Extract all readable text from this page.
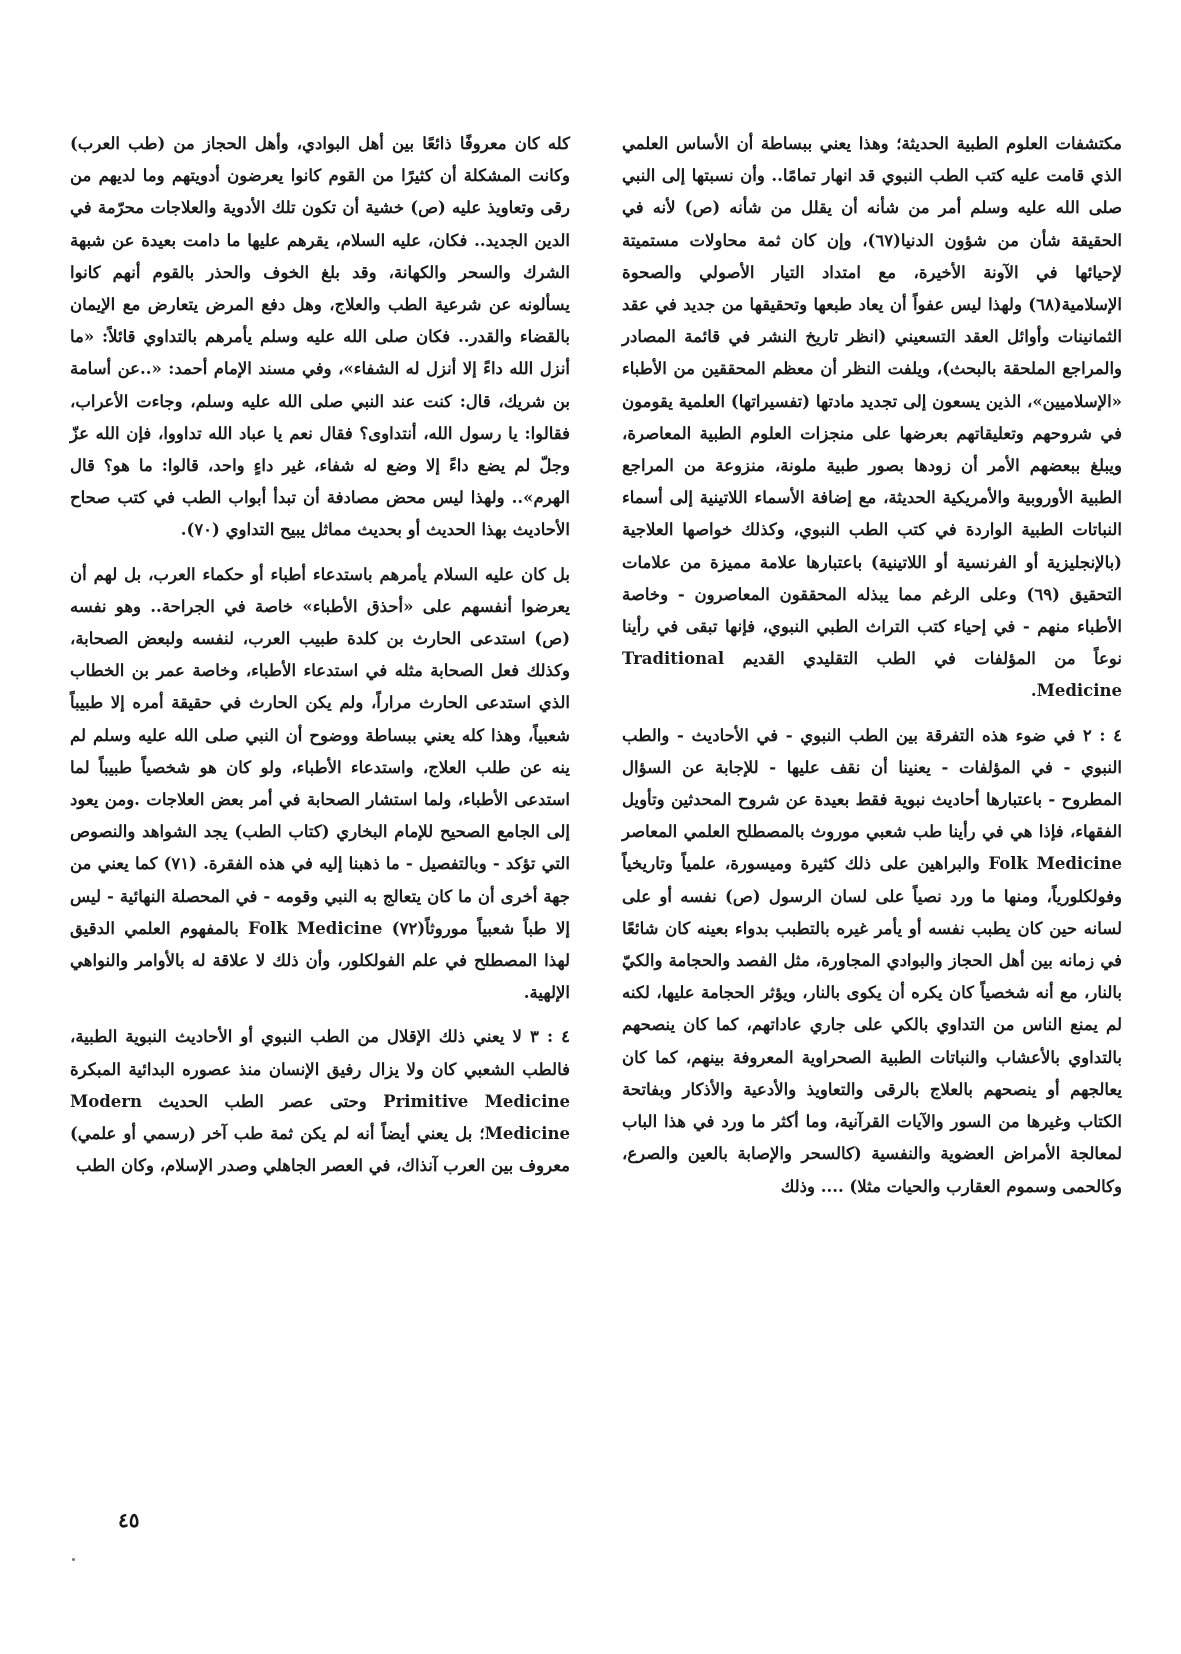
مكتشفات العلوم الطبية الحديثة؛ وهذا يعني ببساطة أن الأساس العلمي الذي قامت عليه كتب الطب النبوي قد انهار تمامًا.. وأن نسبتها إلى النبي صلى الله عليه وسلم أمر من شأنه أن يقلل من شأنه (ص) لأنه في الحقيقة شأن من شؤون الدنيا(٦٧)، وإن كان ثمة محاولات مستميتة لإحيائها في الآونة الأخيرة، مع امتداد التيار الأصولي والصحوة الإسلامية(٦٨) ولهذا ليس عفواً أن يعاد طبعها وتحقيقها من جديد في عقد الثمانينات وأوائل العقد التسعيني (انظر تاريخ النشر في قائمة المصادر والمراجع الملحقة بالبحث)، ويلفت النظر أن معظم المحققين من الأطباء «الإسلاميين»، الذين يسعون إلى تجديد مادتها (تفسيراتها) العلمية يقومون في شروحهم وتعليقاتهم بعرضها على منجزات العلوم الطبية المعاصرة، ويبلغ ببعضهم الأمر أن زودها بصور طبية ملونة، منزوعة من المراجع الطبية الأوروبية والأمريكية الحديثة، مع إضافة الأسماء اللاتينية إلى أسماء النباتات الطبية الواردة في كتب الطب النبوي، وكذلك خواصها العلاجية (بالإنجليزية أو الفرنسية أو اللاتينية) باعتبارها علامة مميزة من علامات التحقيق (٦٩) وعلى الرغم مما يبذله المحققون المعاصرون - وخاصة الأطباء منهم - في إحياء كتب التراث الطبي النبوي، فإنها تبقى في رأينا نوعاً من المؤلفات في الطب التقليدي القديم Traditional Medicine.

٤ : ٢ في ضوء هذه التفرقة بين الطب النبوي - في الأحاديث - والطب النبوي - في المؤلفات - يعنينا أن نقف عليها - للإجابة عن السؤال المطروح - باعتبارها أحاديث نبوية فقط بعيدة عن شروح المحدثين وتأويل الفقهاء، فإذا هي في رأينا طب شعبي موروث بالمصطلح العلمي المعاصر Folk Medicine والبراهين على ذلك كثيرة وميسورة، علمياً وتاريخياً وفولكلورياً، ومنها ما ورد نصياً على لسان الرسول (ص) نفسه أو على لسانه حين كان يطبب نفسه أو يأمر غيره بالتطبب بدواء بعينه كان شائعًا في زمانه بين أهل الحجاز والبوادي المجاورة، مثل الفصد والحجامة والكيّ بالنار، مع أنه شخصياً كان يكره أن يكوى بالنار، ويؤثر الحجامة عليها، لكنه لم يمنع الناس من التداوي بالكي على جاري عاداتهم، كما كان ينصحهم بالتداوي بالأعشاب والنباتات الطبية الصحراوية المعروفة بينهم، كما كان يعالجهم أو ينصحهم بالعلاج بالرقى والتعاويذ والأدعية والأذكار وبفاتحة الكتاب وغيرها من السور والآيات القرآنية، وما أكثر ما ورد في هذا الباب لمعالجة الأمراض العضوية والنفسية (كالسحر والإصابة بالعين والصرع، وكالحمى وسموم العقارب والحيات مثلا) .... وذلك

كله كان معروفًا ذائعًا بين أهل البوادي، وأهل الحجاز من (طب العرب) وكانت المشكلة أن كثيرًا من القوم كانوا يعرضون أدويتهم وما لديهم من رقى وتعاويذ عليه (ص) خشية أن تكون تلك الأدوية والعلاجات محرّمة في الدين الجديد.. فكان، عليه السلام، يقرهم عليها ما دامت بعيدة عن شبهة الشرك والسحر والكهانة، وقد بلغ الخوف والحذر بالقوم أنهم كانوا يسألونه عن شرعية الطب والعلاج، وهل دفع المرض يتعارض مع الإيمان بالقضاء والقدر.. فكان صلى الله عليه وسلم يأمرهم بالتداوي قائلاً: «ما أنزل الله داءً إلا أنزل له الشفاء»، وفي مسند الإمام أحمد: «..عن أسامة بن شريك، قال: كنت عند النبي صلى الله عليه وسلم، وجاءت الأعراب، فقالوا: يا رسول الله، أنتداوى؟ فقال نعم يا عباد الله تداووا، فإن الله عزّ وجلّ لم يضع داءً إلا وضع له شفاء، غير داءٍ واحد، قالوا: ما هو؟ قال الهرم».. ولهذا ليس محض مصادفة أن تبدأ أبواب الطب في كتب صحاح الأحاديث بهذا الحديث أو بحديث مماثل يبيح التداوي (٧٠).

بل كان عليه السلام يأمرهم باستدعاء أطباء أو حكماء العرب، بل لهم أن يعرضوا أنفسهم على «أحذق الأطباء» خاصة في الجراحة.. وهو نفسه (ص) استدعى الحارث بن كلدة طبيب العرب، لنفسه ولبعض الصحابة، وكذلك فعل الصحابة مثله في استدعاء الأطباء، وخاصة عمر بن الخطاب الذي استدعى الحارث مراراً، ولم يكن الحارث في حقيقة أمره إلا طبيباً شعبياً، وهذا كله يعني ببساطة ووضوح أن النبي صلى الله عليه وسلم لم ينه عن طلب العلاج، واستدعاء الأطباء، ولو كان هو شخصياً طبيباً لما استدعى الأطباء، ولما استشار الصحابة في أمر بعض العلاجات .ومن يعود إلى الجامع الصحيح للإمام البخاري (كتاب الطب) يجد الشواهد والنصوص التي تؤكد - وبالتفصيل - ما ذهبنا إليه في هذه الفقرة. (٧١) كما يعني من جهة أخرى أن ما كان يتعالج به النبي وقومه - في المحصلة النهائية - ليس إلا طباً شعبياً موروثاً(٧٢) Folk Medicine بالمفهوم العلمي الدقيق لهذا المصطلح في علم الفولكلور، وأن ذلك لا علاقة له بالأوامر والنواهي الإلهية.

٤ : ٣ لا يعني ذلك الإقلال من الطب النبوي أو الأحاديث النبوية الطبية، فالطب الشعبي كان ولا يزال رفيق الإنسان منذ عصوره البدائية المبكرة Primitive Medicine وحتى عصر الطب الحديث Modern Medicine؛ بل يعني أيضاً أنه لم يكن ثمة طب آخر (رسمي أو علمي) معروف بين العرب آنذاك، في العصر الجاهلي وصدر الإسلام، وكان الطب

٤٥
